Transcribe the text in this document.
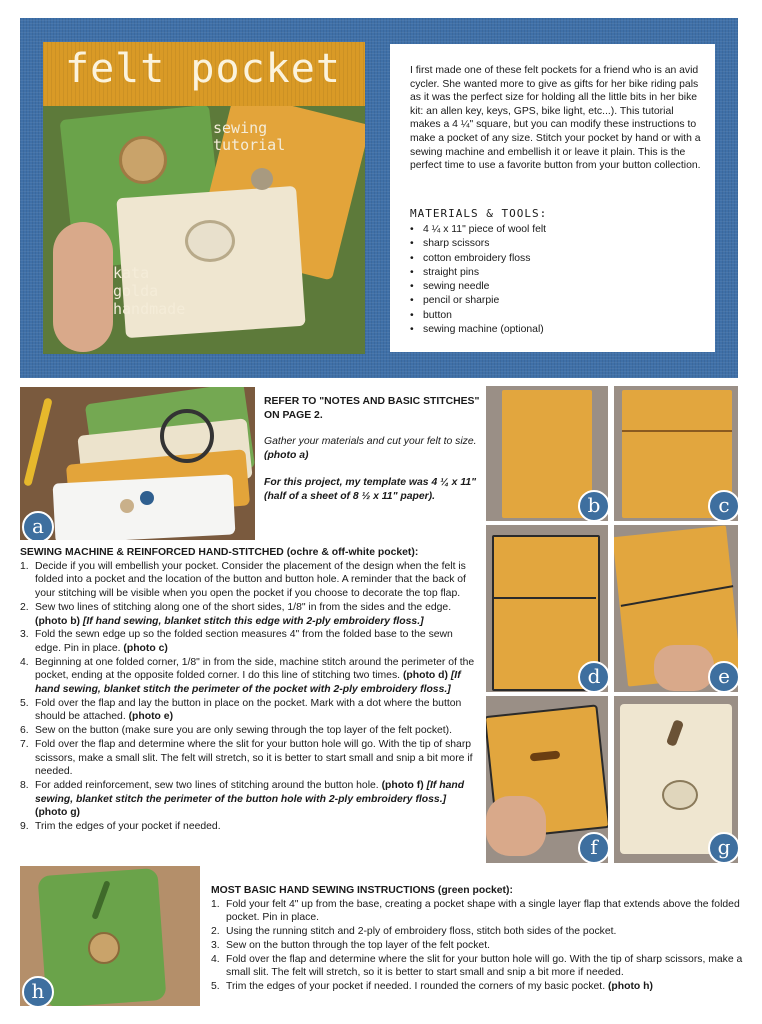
felt pocket
sewing
tutorial
kata
golda
handmade
I first made one of these felt pockets for a friend who is an avid cycler. She wanted more to give as gifts for her bike riding pals as it was the perfect size for holding all the little bits in her bike kit: an allen key, keys, GPS, bike light, etc...). This tutorial makes a 4 ¼" square, but you can modify these instructions to make a pocket of any size. Stitch your pocket by hand or with a sewing machine and embellish it or leave it plain. This is the perfect time to use a favorite button from your button collection.
MATERIALS & TOOLS:
• 4 ¼ x 11" piece of wool felt
• sharp scissors
• cotton embroidery floss
• straight pins
• sewing needle
• pencil or sharpie
• button
• sewing machine (optional)
a
REFER TO "NOTES AND BASIC STITCHES"
ON PAGE 2.
Gather your materials and cut your felt to size. (photo a)
For this project, my template was 4 ¼ x 11"
(half of a sheet of 8 ½ x 11" paper).	b	c
d	e
f	g
SEWING MACHINE & REINFORCED HAND-STITCHED (ochre & off-white pocket):
1. Decide if you will embellish your pocket. Consider the placement of the design when the felt is folded into a pocket and the location of the button and button hole. A reminder that the back of your stitching will be visible when you open the pocket if you choose to decorate the top flap.
2. Sew two lines of stitching along one of the short sides, 1/8" in from the sides and the edge. (photo b) [If hand sewing, blanket stitch this edge with 2-ply embroidery floss.]
3. Fold the sewn edge up so the folded section measures 4" from the folded base to the sewn edge. Pin in place. (photo c)
4. Beginning at one folded corner, 1/8" in from the side, machine stitch around the perimeter of the pocket, ending at the opposite folded corner. I do this line of stitching two times. (photo d) [If hand sewing, blanket stitch the perimeter of the pocket with 2-ply embroidery floss.]
5. Fold over the flap and lay the button in place on the pocket. Mark with a dot where the button should be attached. (photo e)
6. Sew on the button (make sure you are only sewing through the top layer of the felt pocket).
7. Fold over the flap and determine where the slit for your button hole will go. With the tip of sharp scissors, make a small slit. The felt will stretch, so it is better to start small and snip a bit more if needed.
8. For added reinforcement, sew two lines of stitching around the button hole. (photo f) [If hand sewing, blanket stitch the perimeter of the button hole with 2-ply embroidery floss.] (photo g)
9. Trim the edges of your pocket if needed.
h
MOST BASIC HAND SEWING INSTRUCTIONS (green pocket):
1. Fold your felt 4" up from the base, creating a pocket shape with a single layer flap that extends above the folded pocket. Pin in place.
2. Using the running stitch and 2-ply of embroidery floss, stitch both sides of the pocket.
3. Sew on the button through the top layer of the felt pocket.
4. Fold over the flap and determine where the slit for your button hole will go. With the tip of sharp scissors, make a small slit. The felt will stretch, so it is better to start small and snip a bit more if needed.
5. Trim the edges of your pocket if needed. I rounded the corners of my basic pocket. (photo h)
